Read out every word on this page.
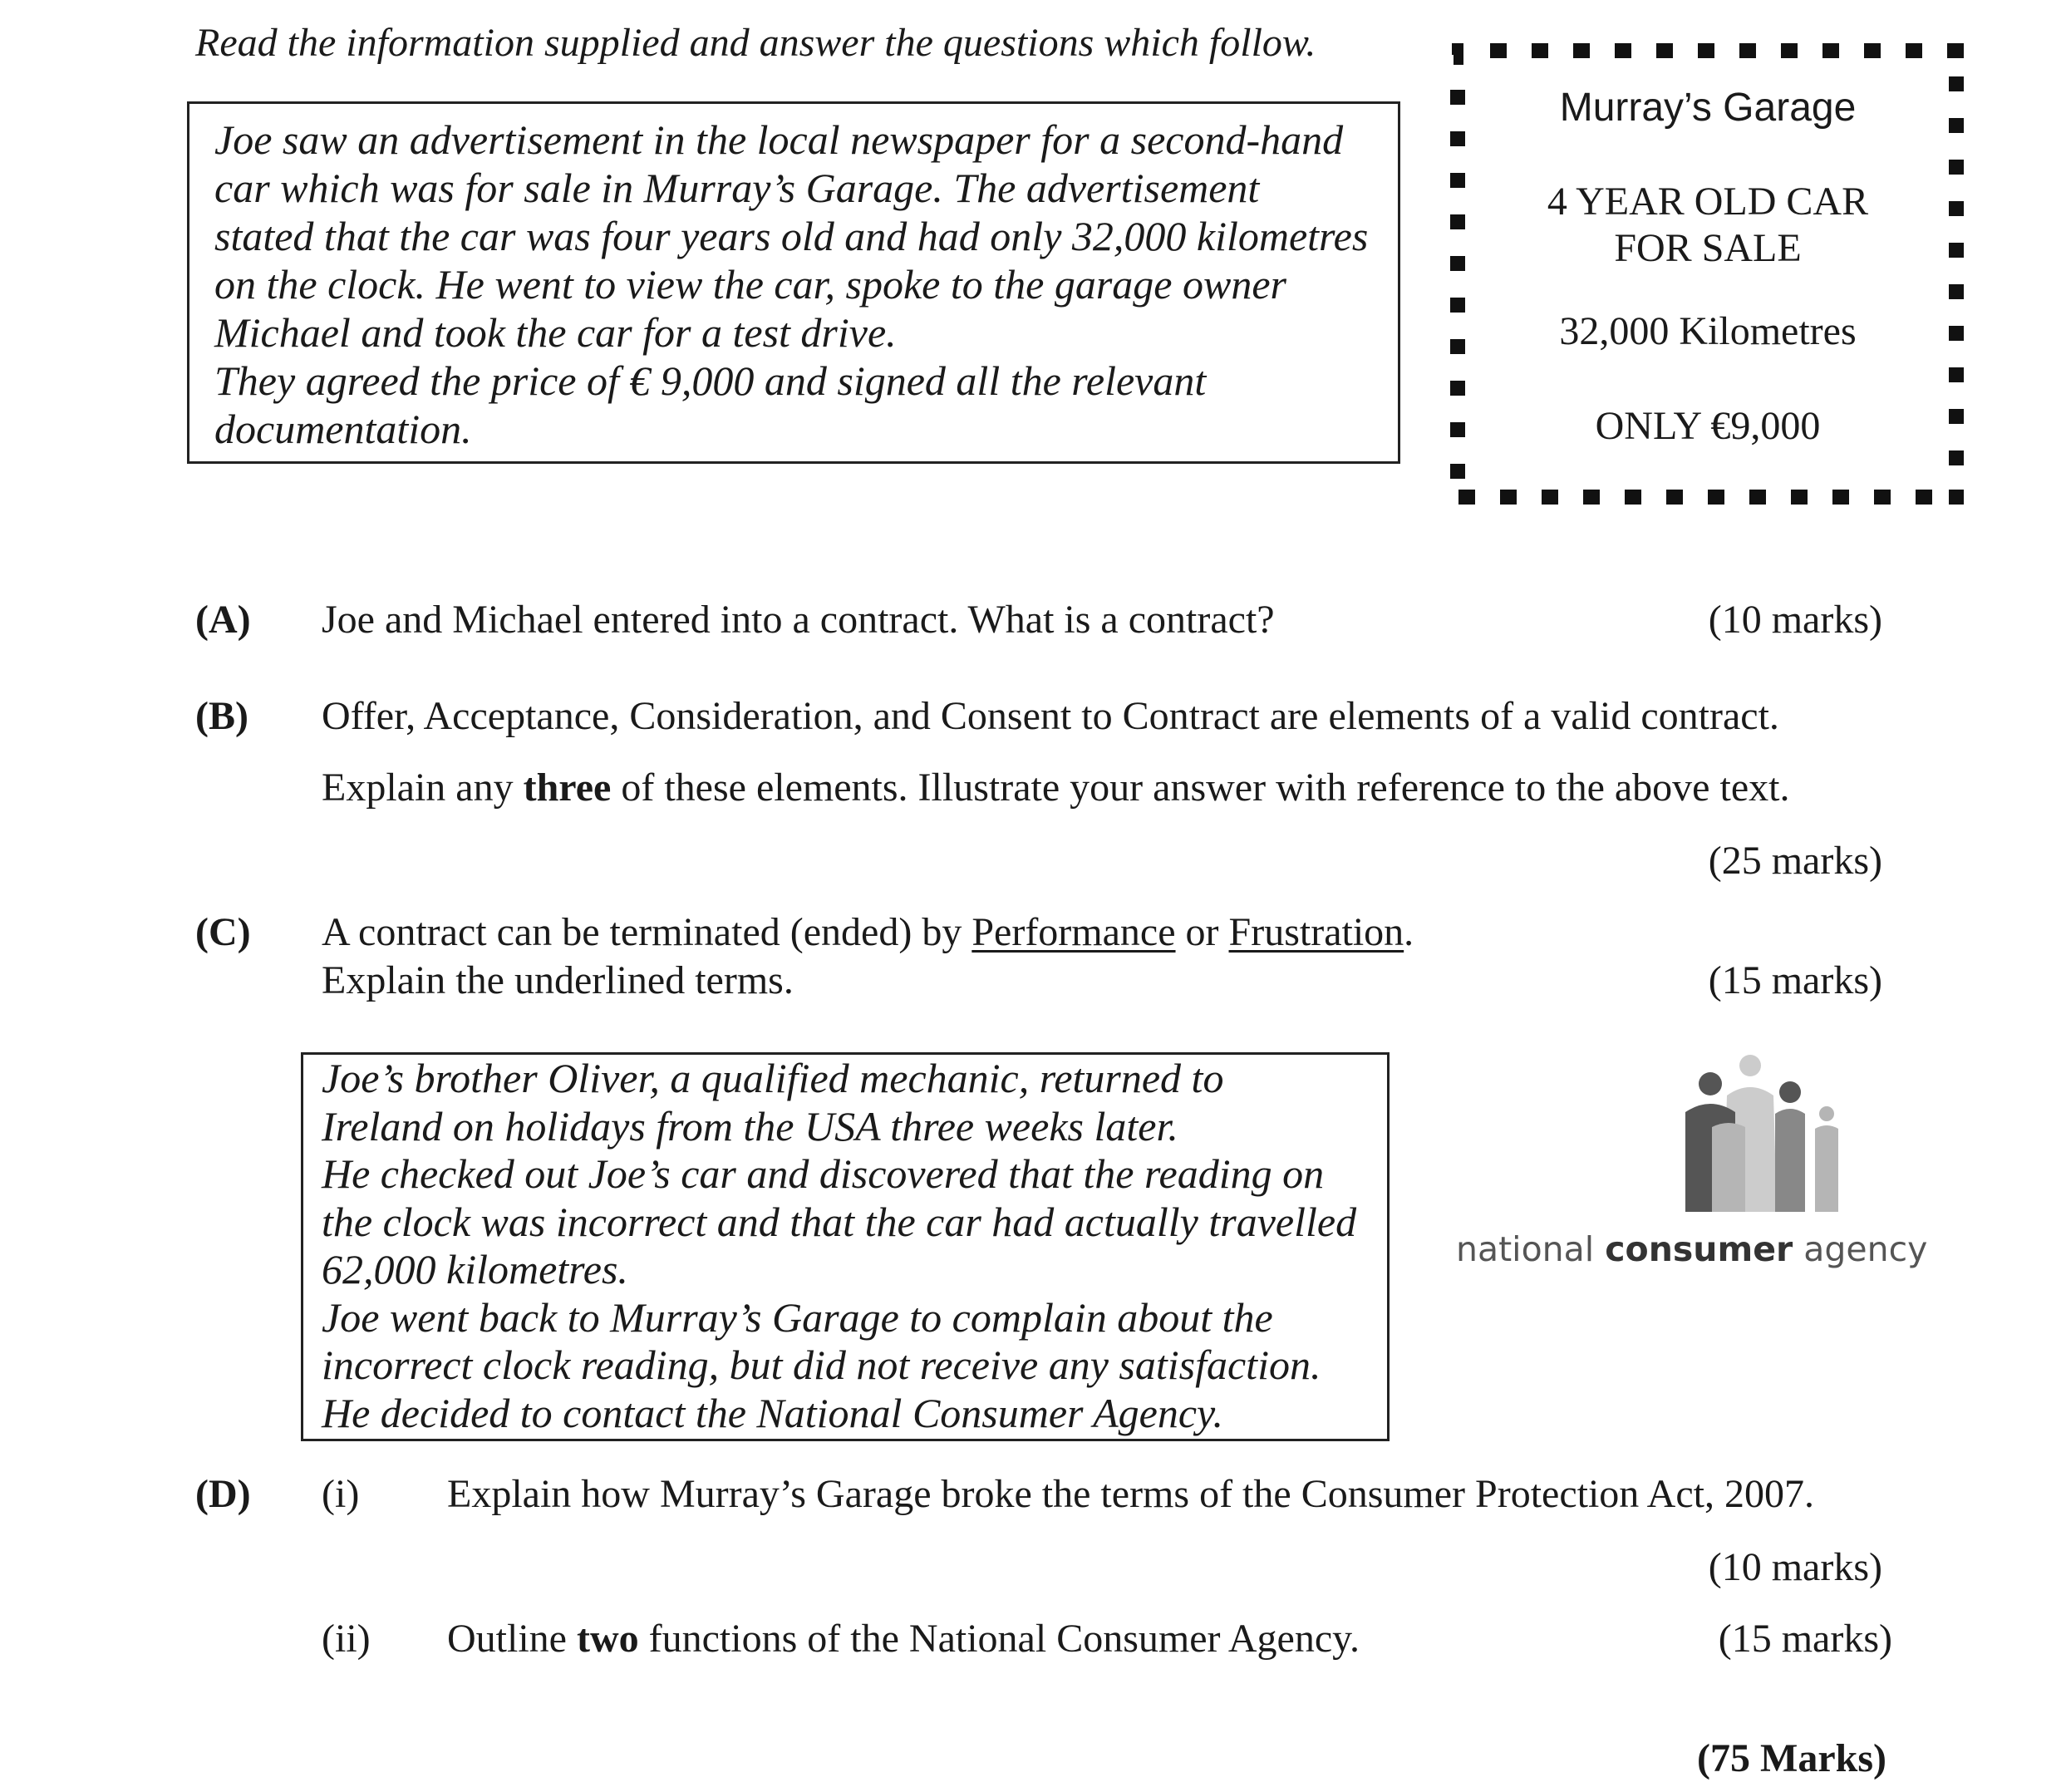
Read the information supplied and answer the questions which follow.
Joe saw an advertisement in the local newspaper for a second-hand
car which was for sale in Murray’s Garage. The advertisement
stated that the car was four years old and had only 32,000 kilometres
on the clock. He went to view the car, spoke to the garage owner
Michael and took the car for a test drive.
They agreed the price of € 9,000 and signed all the relevant
documentation.
Murray’s Garage
4 YEAR OLD CAR
FOR SALE
32,000 Kilometres
ONLY €9,000
(A) Joe and Michael entered into a contract. What is a contract?	(10 marks)
(B) Offer, Acceptance, Consideration, and Consent to Contract are elements of a valid contract.
Explain any three of these elements. Illustrate your answer with reference to the above text.
(25 marks)
(C) A contract can be terminated (ended) by Performance or Frustration.
Explain the underlined terms.	(15 marks)
Joe’s brother Oliver, a qualified mechanic, returned to
Ireland on holidays from the USA three weeks later.
He checked out Joe’s car and discovered that the reading on
the clock was incorrect and that the car had actually travelled
62,000 kilometres.
Joe went back to Murray’s Garage to complain about the
incorrect clock reading, but did not receive any satisfaction.
He decided to contact the National Consumer Agency.
national consumer agency
(D) (i) Explain how Murray’s Garage broke the terms of the Consumer Protection Act, 2007.
(10 marks)
(ii) Outline two functions of the National Consumer Agency.	(15 marks)
(75 Marks)
